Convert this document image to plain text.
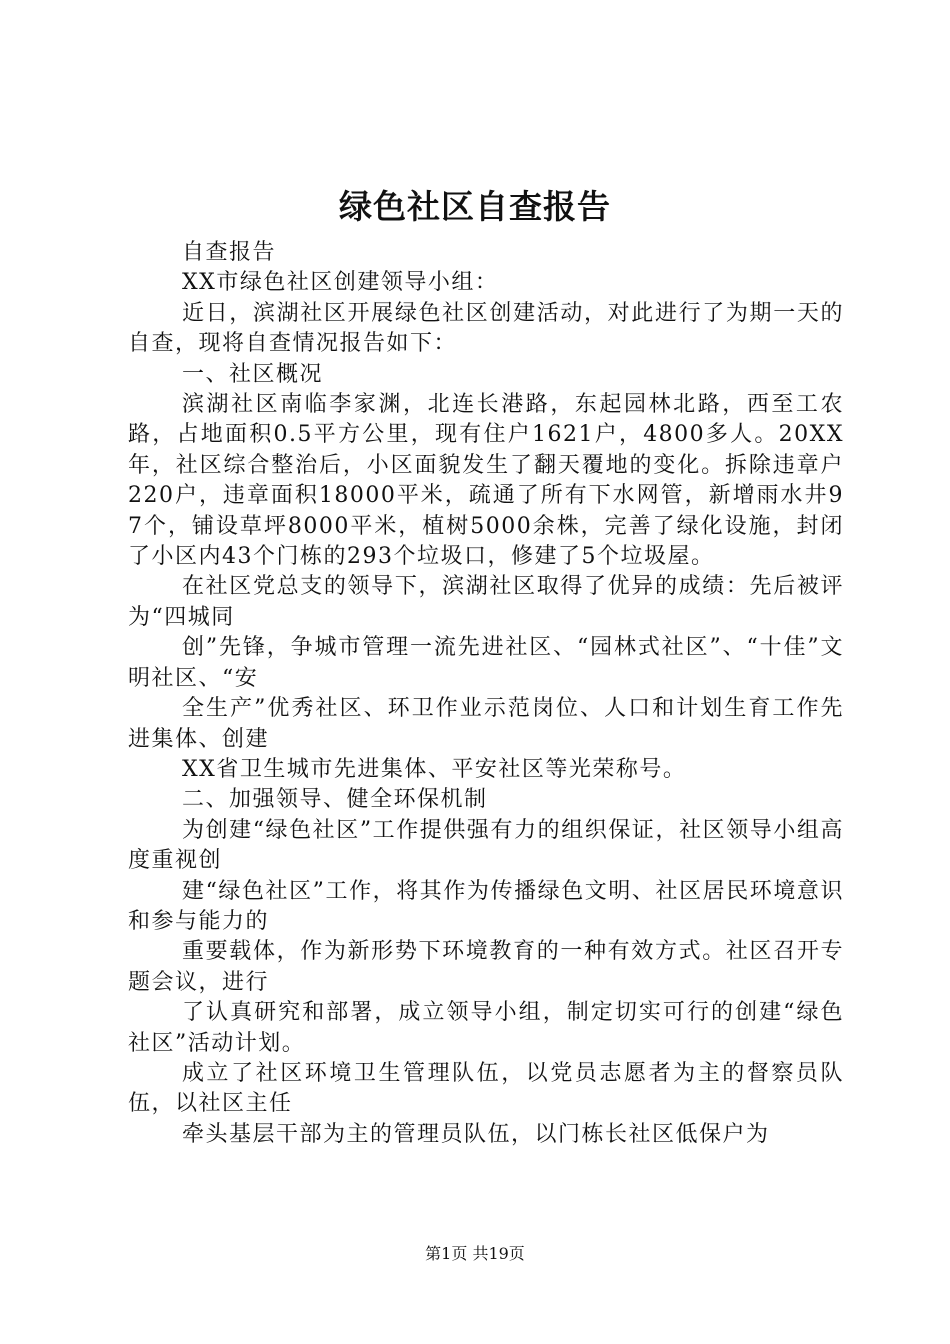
绿色社区自查报告

自查报告

XX市绿色社区创建领导小组：

近日，滨湖社区开展绿色社区创建活动，对此进行了为期一天的自查，现将自查情况报告如下：

一、社区概况

滨湖社区南临李家渊，北连长港路，东起园林北路，西至工农路，占地面积0.5平方公里，现有住户1621户，4800多人。20XX年，社区综合整治后，小区面貌发生了翻天覆地的变化。拆除违章户220户，违章面积18000平米，疏通了所有下水网管，新增雨水井97个，铺设草坪8000平米，植树5000余株，完善了绿化设施，封闭了小区内43个门栋的293个垃圾口，修建了5个垃圾屋。

在社区党总支的领导下，滨湖社区取得了优异的成绩：先后被评为“四城同

创”先锋，争城市管理一流先进社区、“园林式社区”、“十佳”文明社区、“安

全生产”优秀社区、环卫作业示范岗位、人口和计划生育工作先进集体、创建

XX省卫生城市先进集体、平安社区等光荣称号。

二、加强领导、健全环保机制

为创建“绿色社区”工作提供强有力的组织保证，社区领导小组高度重视创

建“绿色社区”工作，将其作为传播绿色文明、社区居民环境意识和参与能力的

重要载体，作为新形势下环境教育的一种有效方式。社区召开专题会议，进行

了认真研究和部署，成立领导小组，制定切实可行的创建“绿色社区”活动计划。

成立了社区环境卫生管理队伍，以党员志愿者为主的督察员队伍，以社区主任

牵头基层干部为主的管理员队伍，以门栋长社区低保户为

第1页 共19页
